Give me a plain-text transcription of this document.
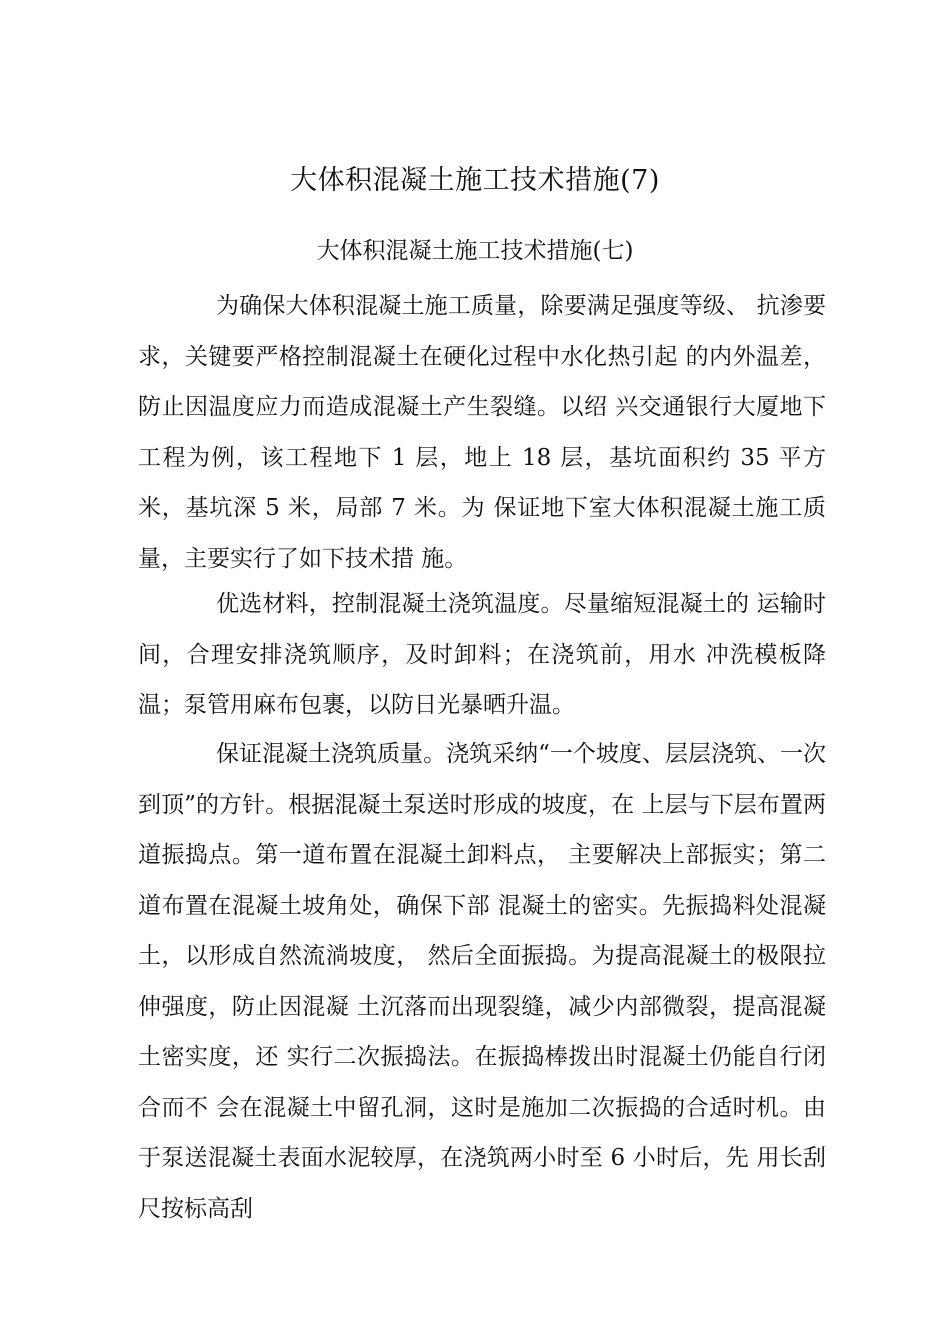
大体积混凝土施工技术措施(7)
大体积混凝土施工技术措施(七)

为确保大体积混凝土施工质量，除要满足强度等级、 抗渗要求，关键要严格控制混凝土在硬化过程中水化热引起 的内外温差，防止因温度应力而造成混凝土产生裂缝。以绍 兴交通银行大厦地下工程为例，该工程地下 1 层，地上 18 层，基坑面积约 35 平方米，基坑深 5 米，局部 7 米。为 保证地下室大体积混凝土施工质量，主要实行了如下技术措 施。

优选材料，控制混凝土浇筑温度。尽量缩短混凝土的 运输时间，合理安排浇筑顺序，及时卸料；在浇筑前，用水 冲洗模板降温；泵管用麻布包裹，以防日光暴晒升温。

保证混凝土浇筑质量。浇筑采纳“一个坡度、层层浇筑、一次到顶”的方针。根据混凝土泵送时形成的坡度，在 上层与下层布置两道振捣点。第一道布置在混凝土卸料点， 主要解决上部振实；第二道布置在混凝土坡角处，确保下部 混凝土的密实。先振捣料处混凝土，以形成自然流淌坡度， 然后全面振捣。为提高混凝土的极限拉伸强度，防止因混凝 土沉落而出现裂缝，减少内部微裂，提高混凝土密实度，还 实行二次振捣法。在振捣棒拨出时混凝土仍能自行闭合而不 会在混凝土中留孔洞，这时是施加二次振捣的合适时机。由 于泵送混凝土表面水泥较厚，在浇筑两小时至 6 小时后，先 用长刮尺按标高刮
